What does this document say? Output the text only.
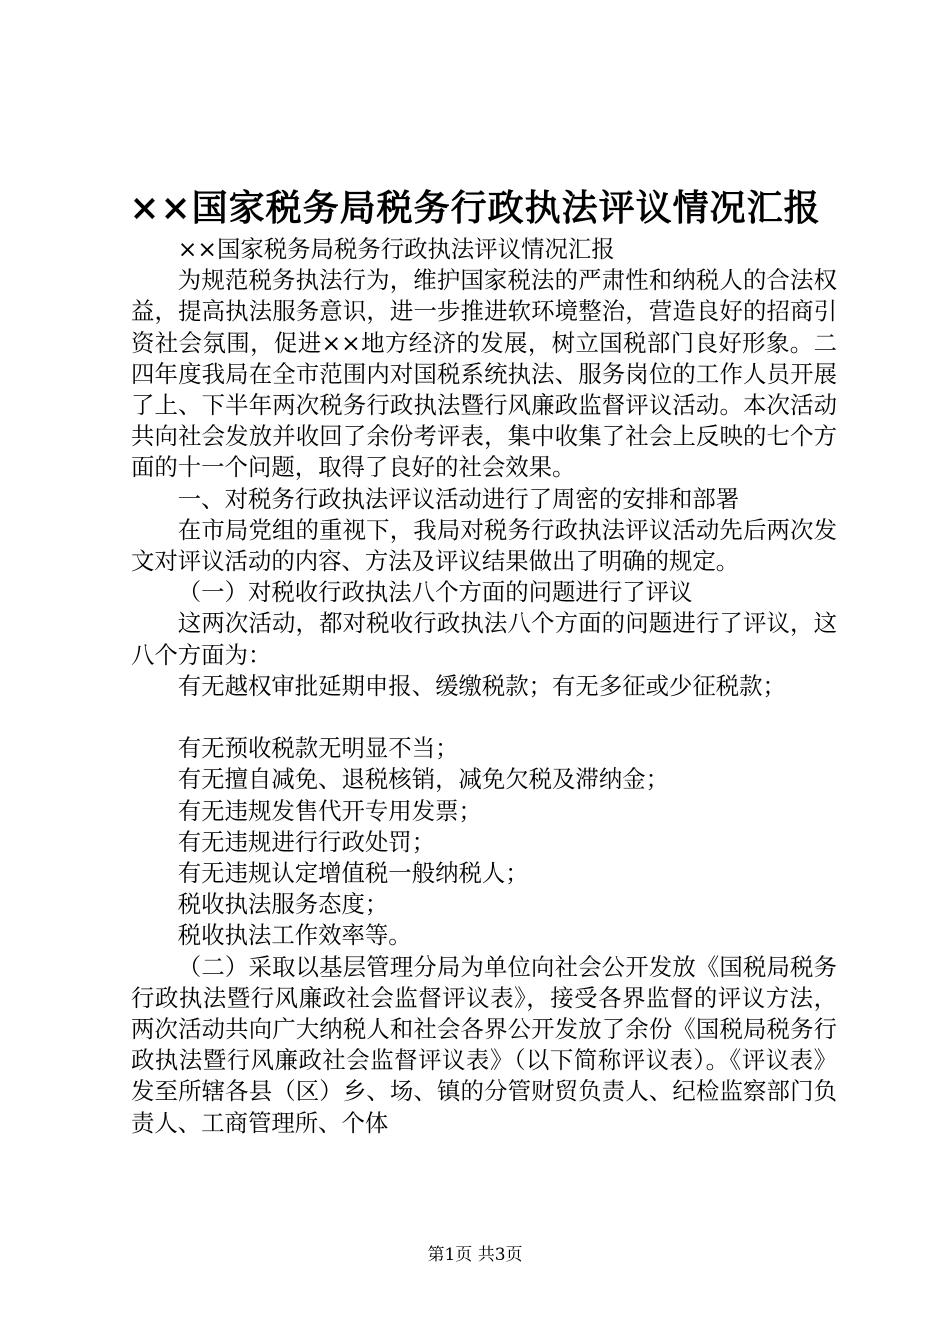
××国家税务局税务行政执法评议情况汇报

××国家税务局税务行政执法评议情况汇报

为规范税务执法行为，维护国家税法的严肃性和纳税人的合法权益，提高执法服务意识，进一步推进软环境整治，营造良好的招商引资社会氛围，促进××地方经济的发展，树立国税部门良好形象。二四年度我局在全市范围内对国税系统执法、服务岗位的工作人员开展了上、下半年两次税务行政执法暨行风廉政监督评议活动。本次活动共向社会发放并收回了余份考评表，集中收集了社会上反映的七个方面的十一个问题，取得了良好的社会效果。

一、对税务行政执法评议活动进行了周密的安排和部署

在市局党组的重视下，我局对税务行政执法评议活动先后两次发文对评议活动的内容、方法及评议结果做出了明确的规定。

（一）对税收行政执法八个方面的问题进行了评议

这两次活动，都对税收行政执法八个方面的问题进行了评议，这八个方面为：

有无越权审批延期申报、缓缴税款；有无多征或少征税款；

有无预收税款无明显不当；

有无擅自减免、退税核销，减免欠税及滞纳金；

有无违规发售代开专用发票；

有无违规进行行政处罚；

有无违规认定增值税一般纳税人；

税收执法服务态度；

税收执法工作效率等。

（二）采取以基层管理分局为单位向社会公开发放《国税局税务行政执法暨行风廉政社会监督评议表》，接受各界监督的评议方法，两次活动共向广大纳税人和社会各界公开发放了余份《国税局税务行政执法暨行风廉政社会监督评议表》（以下简称评议表）。《评议表》发至所辖各县（区）乡、场、镇的分管财贸负责人、纪检监察部门负责人、工商管理所、个体

第1页 共3页
